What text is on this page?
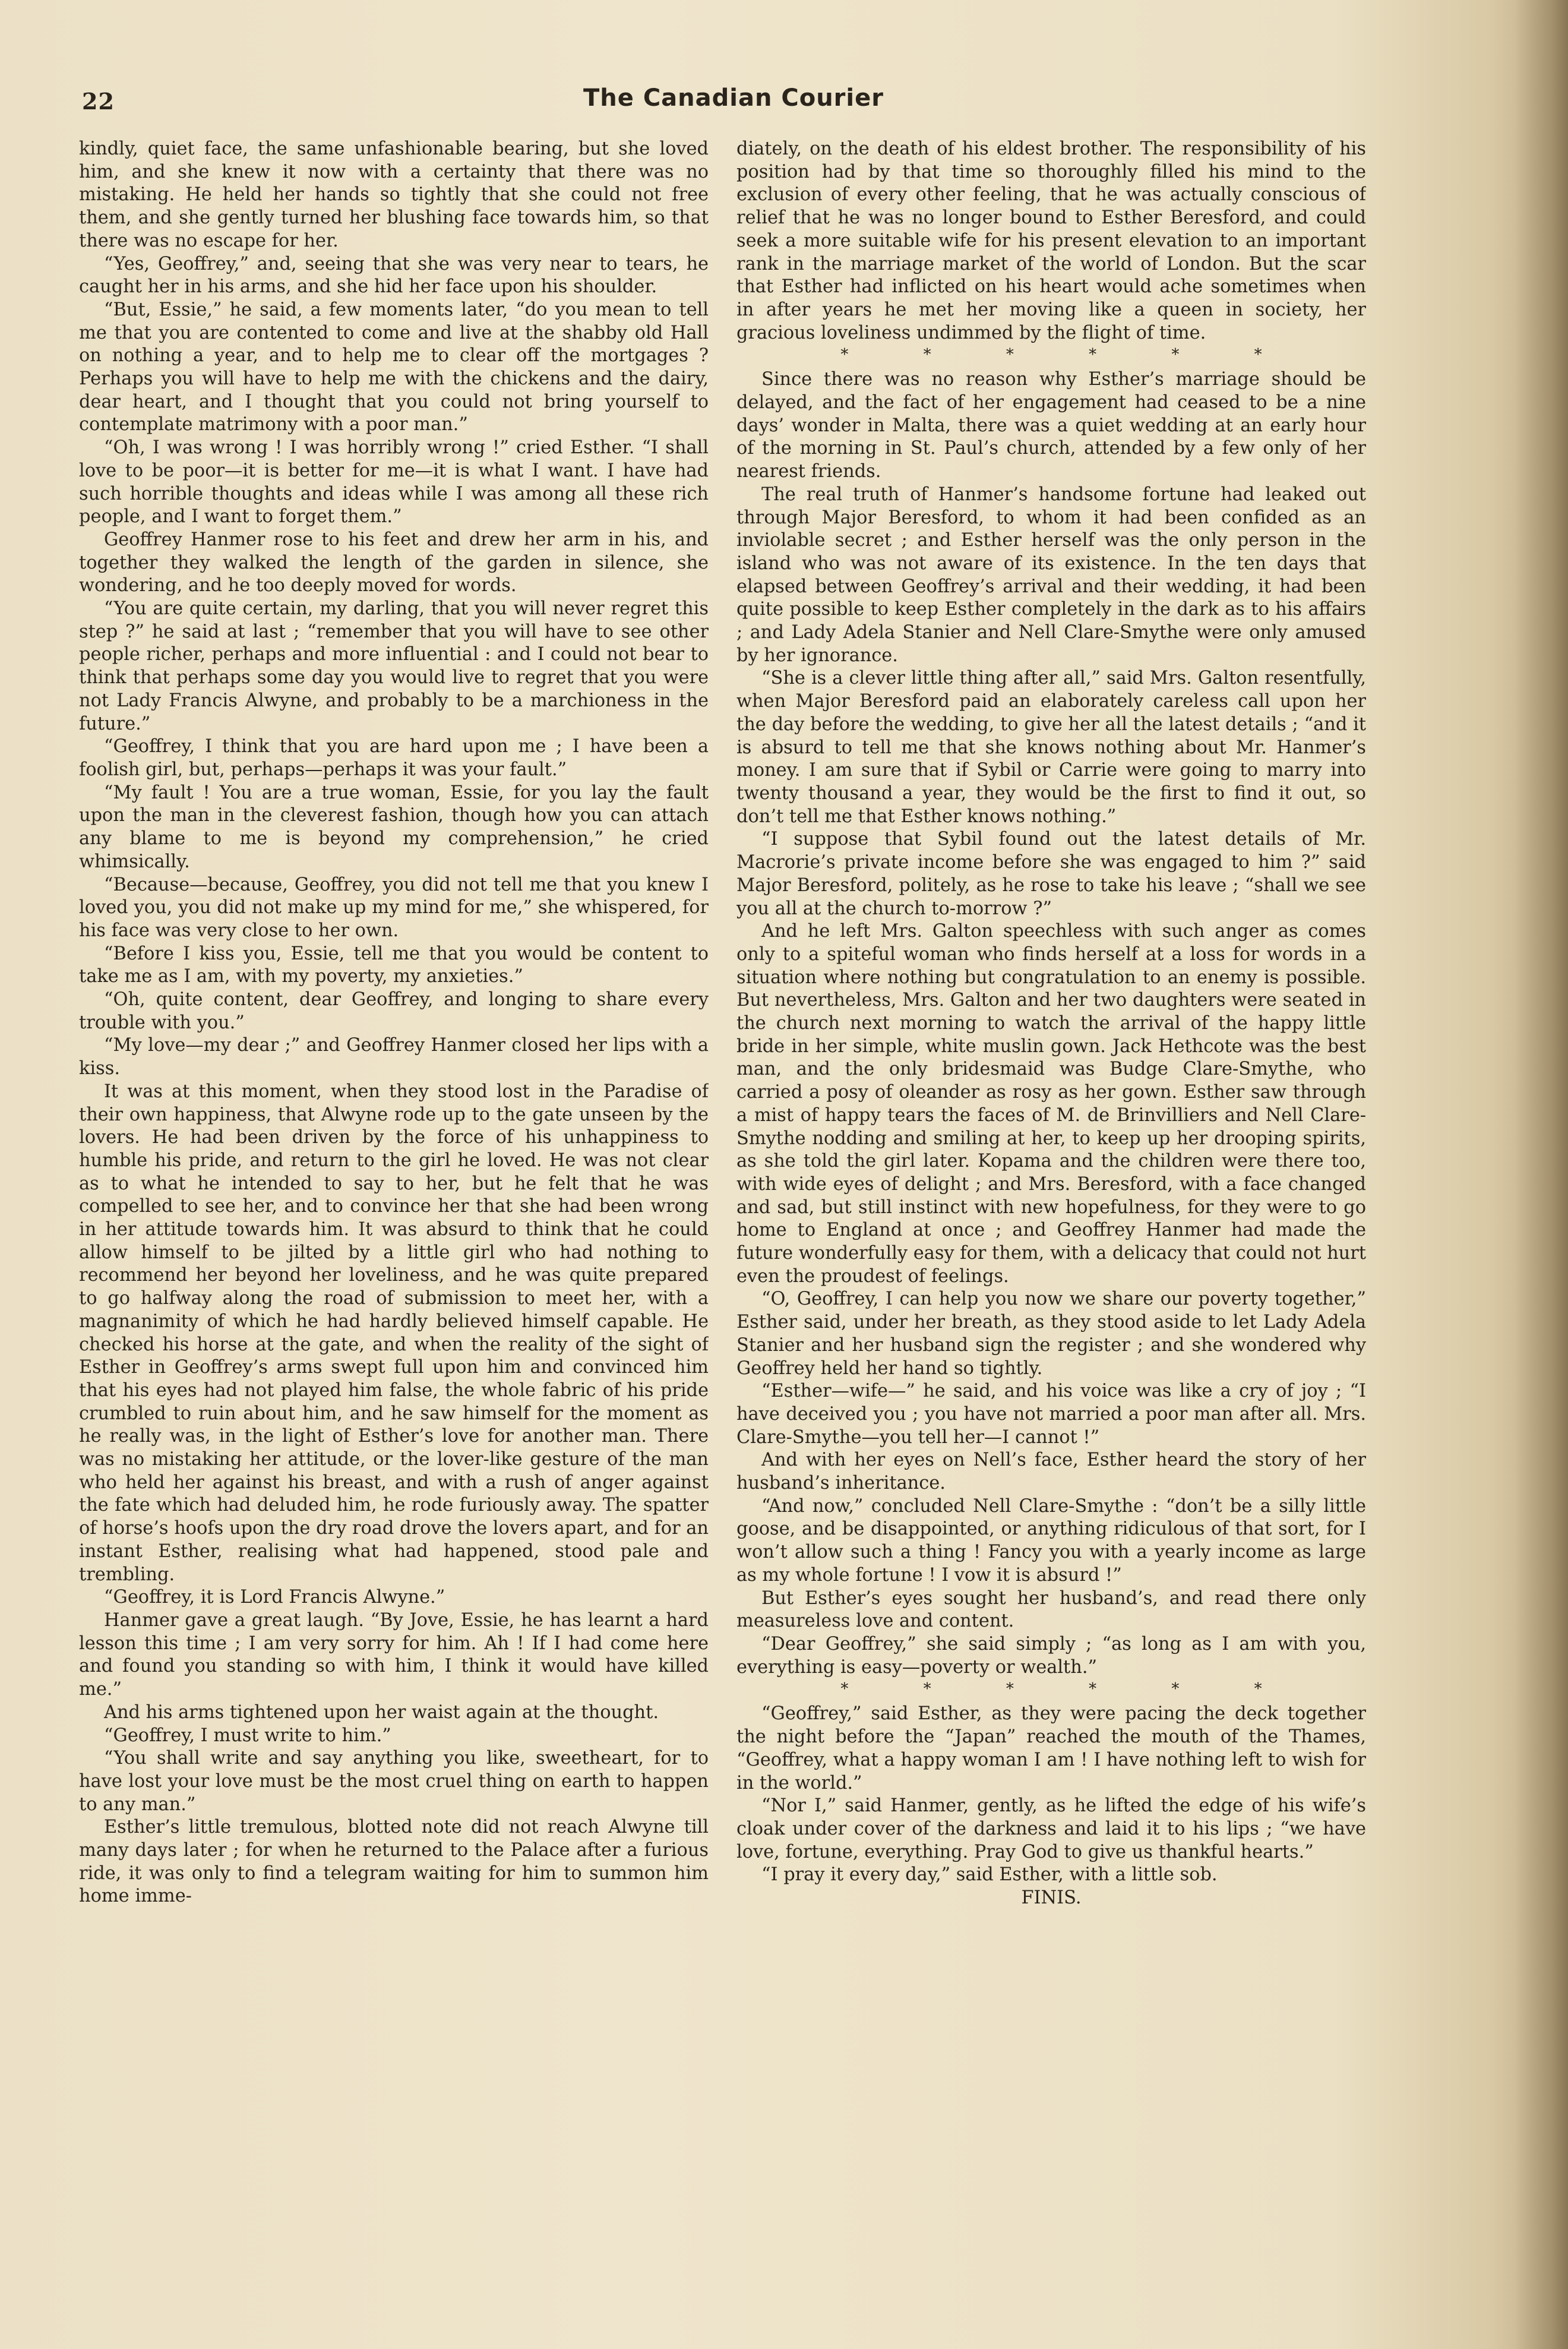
22	The Canadian Courier

kindly, quiet face, the same unfashionable bearing, but she loved him, and she knew it now with a certainty that there was no mistaking. He held her hands so tightly that she could not free them, and she gently turned her blushing face towards him, so that there was no escape for her.

“Yes, Geoffrey,” and, seeing that she was very near to tears, he caught her in his arms, and she hid her face upon his shoulder.

“But, Essie,” he said, a few moments later, “do you mean to tell me that you are contented to come and live at the shabby old Hall on nothing a year, and to help me to clear off the mortgages ? Perhaps you will have to help me with the chickens and the dairy, dear heart, and I thought that you could not bring yourself to contemplate matrimony with a poor man.”

“Oh, I was wrong ! I was horribly wrong !” cried Esther. “I shall love to be poor—it is better for me—it is what I want. I have had such horrible thoughts and ideas while I was among all these rich people, and I want to forget them.”

Geoffrey Hanmer rose to his feet and drew her arm in his, and together they walked the length of the garden in silence, she wondering, and he too deeply moved for words.

“You are quite certain, my darling, that you will never regret this step ?” he said at last ; “remember that you will have to see other people richer, perhaps and more influential : and I could not bear to think that perhaps some day you would live to regret that you were not Lady Francis Alwyne, and probably to be a marchioness in the future.”

“Geoffrey, I think that you are hard upon me ; I have been a foolish girl, but, perhaps—perhaps it was your fault.”

“My fault ! You are a true woman, Essie, for you lay the fault upon the man in the cleverest fashion, though how you can attach any blame to me is beyond my comprehension,” he cried whimsically.

“Because—because, Geoffrey, you did not tell me that you knew I loved you, you did not make up my mind for me,” she whispered, for his face was very close to her own.

“Before I kiss you, Essie, tell me that you would be content to take me as I am, with my poverty, my anxieties.”

“Oh, quite content, dear Geoffrey, and longing to share every trouble with you.”

“My love—my dear ;” and Geoffrey Hanmer closed her lips with a kiss.

It was at this moment, when they stood lost in the Paradise of their own happiness, that Alwyne rode up to the gate unseen by the lovers. He had been driven by the force of his unhappiness to humble his pride, and return to the girl he loved. He was not clear as to what he intended to say to her, but he felt that he was compelled to see her, and to convince her that she had been wrong in her attitude towards him. It was absurd to think that he could allow himself to be jilted by a little girl who had nothing to recommend her beyond her loveliness, and he was quite prepared to go halfway along the road of submission to meet her, with a magnanimity of which he had hardly believed himself capable. He checked his horse at the gate, and when the reality of the sight of Esther in Geoffrey’s arms swept full upon him and convinced him that his eyes had not played him false, the whole fabric of his pride crumbled to ruin about him, and he saw himself for the moment as he really was, in the light of Esther’s love for another man. There was no mistaking her attitude, or the lover-like gesture of the man who held her against his breast, and with a rush of anger against the fate which had deluded him, he rode furiously away. The spatter of horse’s hoofs upon the dry road drove the lovers apart, and for an instant Esther, realising what had happened, stood pale and trembling.

“Geoffrey, it is Lord Francis Alwyne.”

Hanmer gave a great laugh. “By Jove, Essie, he has learnt a hard lesson this time ; I am very sorry for him. Ah ! If I had come here and found you standing so with him, I think it would have killed me.”

And his arms tightened upon her waist again at the thought.

“Geoffrey, I must write to him.”

“You shall write and say anything you like, sweetheart, for to have lost your love must be the most cruel thing on earth to happen to any man.”

Esther’s little tremulous, blotted note did not reach Alwyne till many days later ; for when he returned to the Palace after a furious ride, it was only to find a telegram waiting for him to summon him home imme-

diately, on the death of his eldest brother. The responsibility of his position had by that time so thoroughly filled his mind to the exclusion of every other feeling, that he was actually conscious of relief that he was no longer bound to Esther Beresford, and could seek a more suitable wife for his present elevation to an important rank in the marriage market of the world of London. But the scar that Esther had inflicted on his heart would ache sometimes when in after years he met her moving like a queen in society, her gracious loveliness undimmed by the flight of time.

* * * * * *

Since there was no reason why Esther’s marriage should be delayed, and the fact of her engagement had ceased to be a nine days’ wonder in Malta, there was a quiet wedding at an early hour of the morning in St. Paul’s church, attended by a few only of her nearest friends.

The real truth of Hanmer’s handsome fortune had leaked out through Major Beresford, to whom it had been confided as an inviolable secret ; and Esther herself was the only person in the island who was not aware of its existence. In the ten days that elapsed between Geoffrey’s arrival and their wedding, it had been quite possible to keep Esther completely in the dark as to his affairs ; and Lady Adela Stanier and Nell Clare-Smythe were only amused by her ignorance.

“She is a clever little thing after all,” said Mrs. Galton resentfully, when Major Beresford paid an elaborately careless call upon her the day before the wedding, to give her all the latest details ; “and it is absurd to tell me that she knows nothing about Mr. Hanmer’s money. I am sure that if Sybil or Carrie were going to marry into twenty thousand a year, they would be the first to find it out, so don’t tell me that Esther knows nothing.”

“I suppose that Sybil found out the latest details of Mr. Macrorie’s private income before she was engaged to him ?” said Major Beresford, politely, as he rose to take his leave ; “shall we see you all at the church to-morrow ?”

And he left Mrs. Galton speechless with such anger as comes only to a spiteful woman who finds herself at a loss for words in a situation where nothing but congratulation to an enemy is possible. But nevertheless, Mrs. Galton and her two daughters were seated in the church next morning to watch the arrival of the happy little bride in her simple, white muslin gown. Jack Hethcote was the best man, and the only bridesmaid was Budge Clare-Smythe, who carried a posy of oleander as rosy as her gown. Esther saw through a mist of happy tears the faces of M. de Brinvilliers and Nell Clare-Smythe nodding and smiling at her, to keep up her drooping spirits, as she told the girl later. Kopama and the children were there too, with wide eyes of delight ; and Mrs. Beresford, with a face changed and sad, but still instinct with new hopefulness, for they were to go home to England at once ; and Geoffrey Hanmer had made the future wonderfully easy for them, with a delicacy that could not hurt even the proudest of feelings.

“O, Geoffrey, I can help you now we share our poverty together,” Esther said, under her breath, as they stood aside to let Lady Adela Stanier and her husband sign the register ; and she wondered why Geoffrey held her hand so tightly.

“Esther—wife—” he said, and his voice was like a cry of joy ; “I have deceived you ; you have not married a poor man after all. Mrs. Clare-Smythe—you tell her—I cannot !”

And with her eyes on Nell’s face, Esther heard the story of her husband’s inheritance.

“And now,” concluded Nell Clare-Smythe : “don’t be a silly little goose, and be disappointed, or anything ridiculous of that sort, for I won’t allow such a thing ! Fancy you with a yearly income as large as my whole fortune ! I vow it is absurd !”

But Esther’s eyes sought her husband’s, and read there only measureless love and content.

“Dear Geoffrey,” she said simply ; “as long as I am with you, everything is easy—poverty or wealth.”

* * * * * *

“Geoffrey,” said Esther, as they were pacing the deck together the night before the “Japan” reached the mouth of the Thames, “Geoffrey, what a happy woman I am ! I have nothing left to wish for in the world.”

“Nor I,” said Hanmer, gently, as he lifted the edge of his wife’s cloak under cover of the darkness and laid it to his lips ; “we have love, fortune, everything. Pray God to give us thankful hearts.”

“I pray it every day,” said Esther, with a little sob.

FINIS.
